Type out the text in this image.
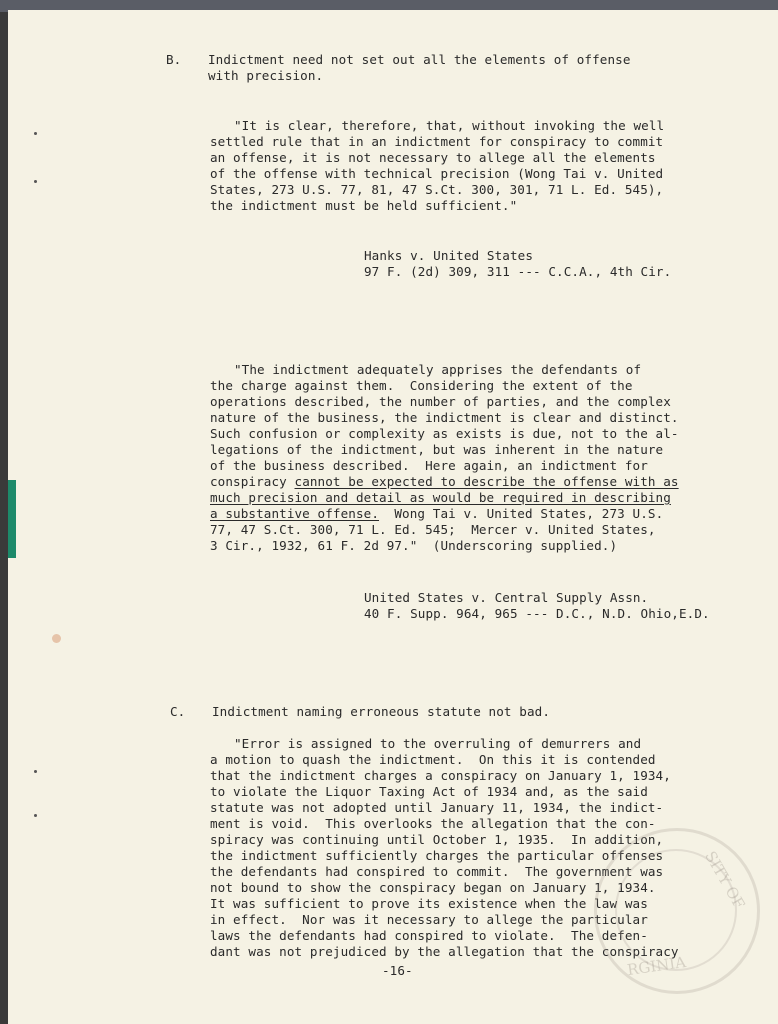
B. Indictment need not set out all the elements of offense
with precision.
"It is clear, therefore, that, without invoking the well
settled rule that in an indictment for conspiracy to commit
an offense, it is not necessary to allege all the elements
of the offense with technical precision (Wong Tai v. United
States, 273 U.S. 77, 81, 47 S.Ct. 300, 301, 71 L. Ed. 545),
the indictment must be held sufficient."
Hanks v. United States
97 F. (2d) 309, 311 --- C.C.A., 4th Cir.
"The indictment adequately apprises the defendants of
the charge against them.  Considering the extent of the
operations described, the number of parties, and the complex
nature of the business, the indictment is clear and distinct.
Such confusion or complexity as exists is due, not to the al-
legations of the indictment, but was inherent in the nature
of the business described.  Here again, an indictment for
conspiracy cannot be expected to describe the offense with as
much precision and detail as would be required in describing
a substantive offense.  Wong Tai v. United States, 273 U.S.
77, 47 S.Ct. 300, 71 L. Ed. 545;  Mercer v. United States,
3 Cir., 1932, 61 F. 2d 97."  (Underscoring supplied.)
United States v. Central Supply Assn.
40 F. Supp. 964, 965 --- D.C., N.D. Ohio,E.D.
C. Indictment naming erroneous statute not bad.
"Error is assigned to the overruling of demurrers and
a motion to quash the indictment.  On this it is contended
that the indictment charges a conspiracy on January 1, 1934,
to violate the Liquor Taxing Act of 1934 and, as the said
statute was not adopted until January 11, 1934, the indict-
ment is void.  This overlooks the allegation that the con-
spiracy was continuing until October 1, 1935.  In addition,
the indictment sufficiently charges the particular offenses
the defendants had conspired to commit.  The government was
not bound to show the conspiracy began on January 1, 1934.
It was sufficient to prove its existence when the law was
in effect.  Nor was it necessary to allege the particular
laws the defendants had conspired to violate.  The defen-
dant was not prejudiced by the allegation that the conspiracy
-16-
SITY OF
RGINIA
